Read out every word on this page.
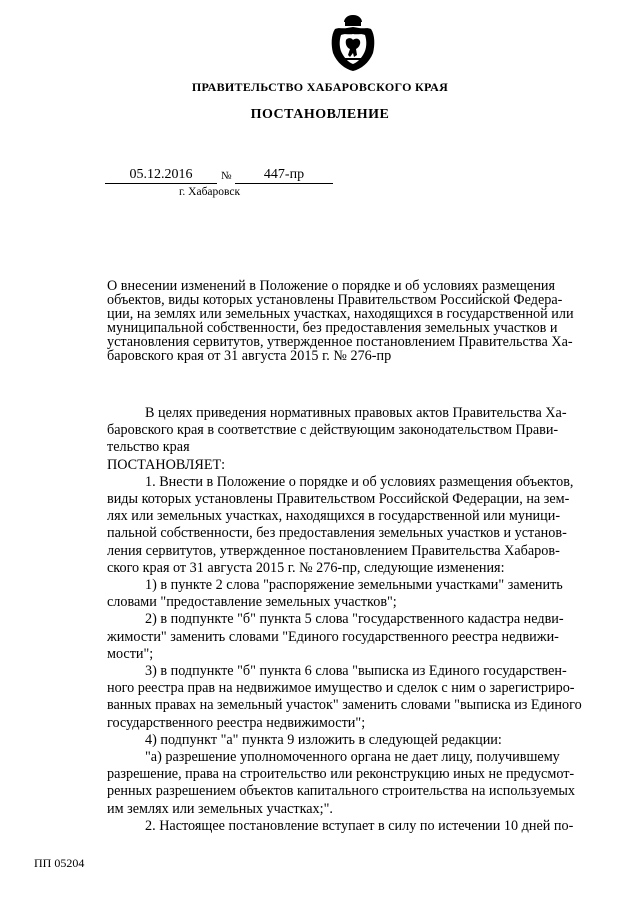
ПРАВИТЕЛЬСТВО ХАБАРОВСКОГО КРАЯ
ПОСТАНОВЛЕНИЕ
05.12.2016	№	447-пр
г. Хабаровск
О внесении изменений в Положение о порядке и об условиях размещения
объектов, виды которых установлены Правительством Российской Федера-
ции, на землях или земельных участках, находящихся в государственной или
муниципальной собственности, без предоставления земельных участков и
установления сервитутов, утвержденное постановлением Правительства Ха-
баровского края от 31 августа 2015 г. № 276-пр
В целях приведения нормативных правовых актов Правительства Ха-
баровского края в соответствие с действующим законодательством Прави-
тельство края
ПОСТАНОВЛЯЕТ:
1. Внести в Положение о порядке и об условиях размещения объектов,
виды которых установлены Правительством Российской Федерации, на зем-
лях или земельных участках, находящихся в государственной или муници-
пальной собственности, без предоставления земельных участков и установ-
ления сервитутов, утвержденное постановлением Правительства Хабаров-
ского края от 31 августа 2015 г. № 276-пр, следующие изменения:
1) в пункте 2 слова "распоряжение земельными участками" заменить
словами "предоставление земельных участков";
2) в подпункте "б" пункта 5 слова "государственного кадастра недви-
жимости" заменить словами "Единого государственного реестра недвижи-
мости";
3) в подпункте "б" пункта 6 слова "выписка из Единого государствен-
ного реестра прав на недвижимое имущество и сделок с ним о зарегистриро-
ванных правах на земельный участок" заменить словами "выписка из Единого
государственного реестра недвижимости";
4) подпункт "а" пункта 9 изложить в следующей редакции:
"а) разрешение уполномоченного органа не дает лицу, получившему
разрешение, права на строительство или реконструкцию иных не предусмот-
ренных разрешением объектов капитального строительства на используемых
им землях или земельных участках;".
2. Настоящее постановление вступает в силу по истечении 10 дней по-
ПП 05204
